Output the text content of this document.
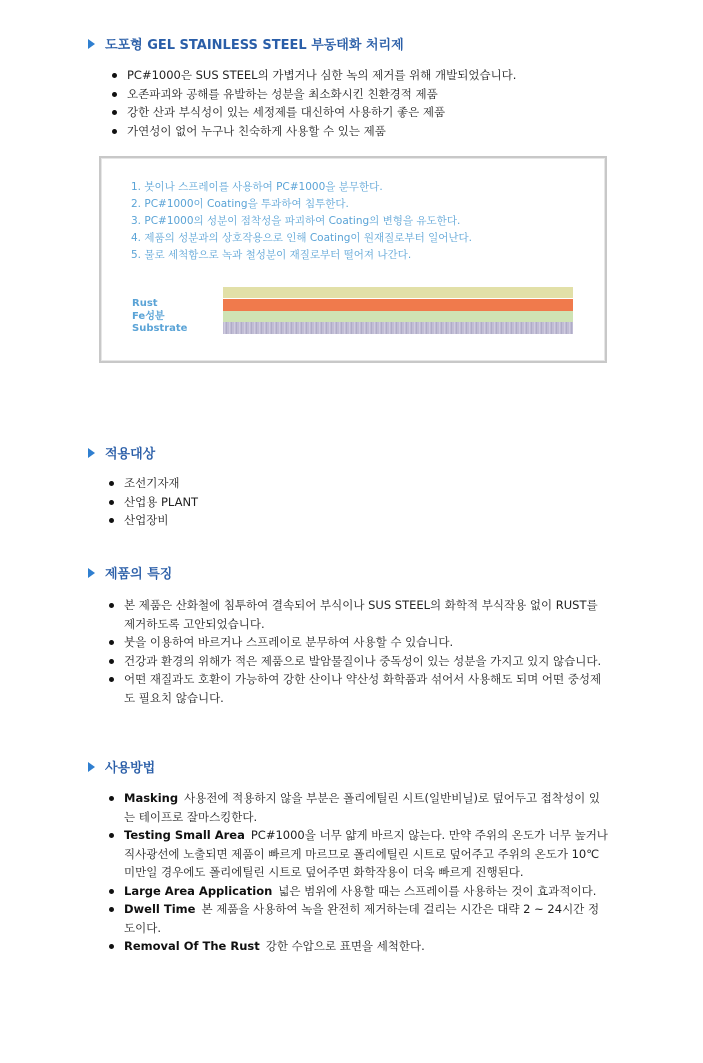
도포형 GEL STAINLESS STEEL 부동태화 처리제
PC#1000은 SUS STEEL의 가볍거나 심한 녹의 제거를 위해 개발되었습니다.
오존파괴와 공해를 유발하는 성분을 최소화시킨 친환경적 제품
강한 산과 부식성이 있는 세정제를 대신하여 사용하기 좋은 제품
가연성이 없어 누구나 친숙하게 사용할 수 있는 제품
1. 붓이나 스프레이를 사용하여 PC#1000을 분무한다.
2. PC#1000이 Coating을 투과하여 침투한다.
3. PC#1000의 성분이 점착성을 파괴하여 Coating의 변형을 유도한다.
4. 제품의 성분과의 상호작용으로 인해 Coating이 원재질로부터 일어난다.
5. 물로 세척함으로 녹과 철성분이 재질로부터 떨어져 나간다.
Rust
Fe성분
Substrate
적용대상
조선기자재
산업용 PLANT
산업장비
제품의 특징
본 제품은 산화철에 침투하여 결속되어 부식이나 SUS STEEL의 화학적 부식작용 없이 RUST를 제거하도록 고안되었습니다.
붓을 이용하여 바르거나 스프레이로 분무하여 사용할 수 있습니다.
건강과 환경의 위해가 적은 제품으로 발암물질이나 중독성이 있는 성분을 가지고 있지 않습니다.
어떤 재질과도 호환이 가능하여 강한 산이나 약산성 화학품과 섞어서 사용해도 되며 어떤 중성제도 필요치 않습니다.
사용방법
Masking 사용전에 적용하지 않을 부분은 폴리에틸린 시트(일반비닐)로 덮어두고 접착성이 있는 테이프로 잘마스킹한다.
Testing Small Area PC#1000을 너무 얇게 바르지 않는다. 만약 주위의 온도가 너무 높거나 직사광선에 노출되면 제품이 빠르게 마르므로 폴리에틸린 시트로 덮어주고 주위의 온도가 10℃ 미만일 경우에도 폴리에틸린 시트로 덮어주면 화학작용이 더욱 빠르게 진행된다.
Large Area Application 넓은 범위에 사용할 때는 스프레이를 사용하는 것이 효과적이다.
Dwell Time 본 제품을 사용하여 녹을 완전히 제거하는데 걸리는 시간은 대략 2 ~ 24시간 정도이다.
Removal Of The Rust 강한 수압으로 표면을 세척한다.
